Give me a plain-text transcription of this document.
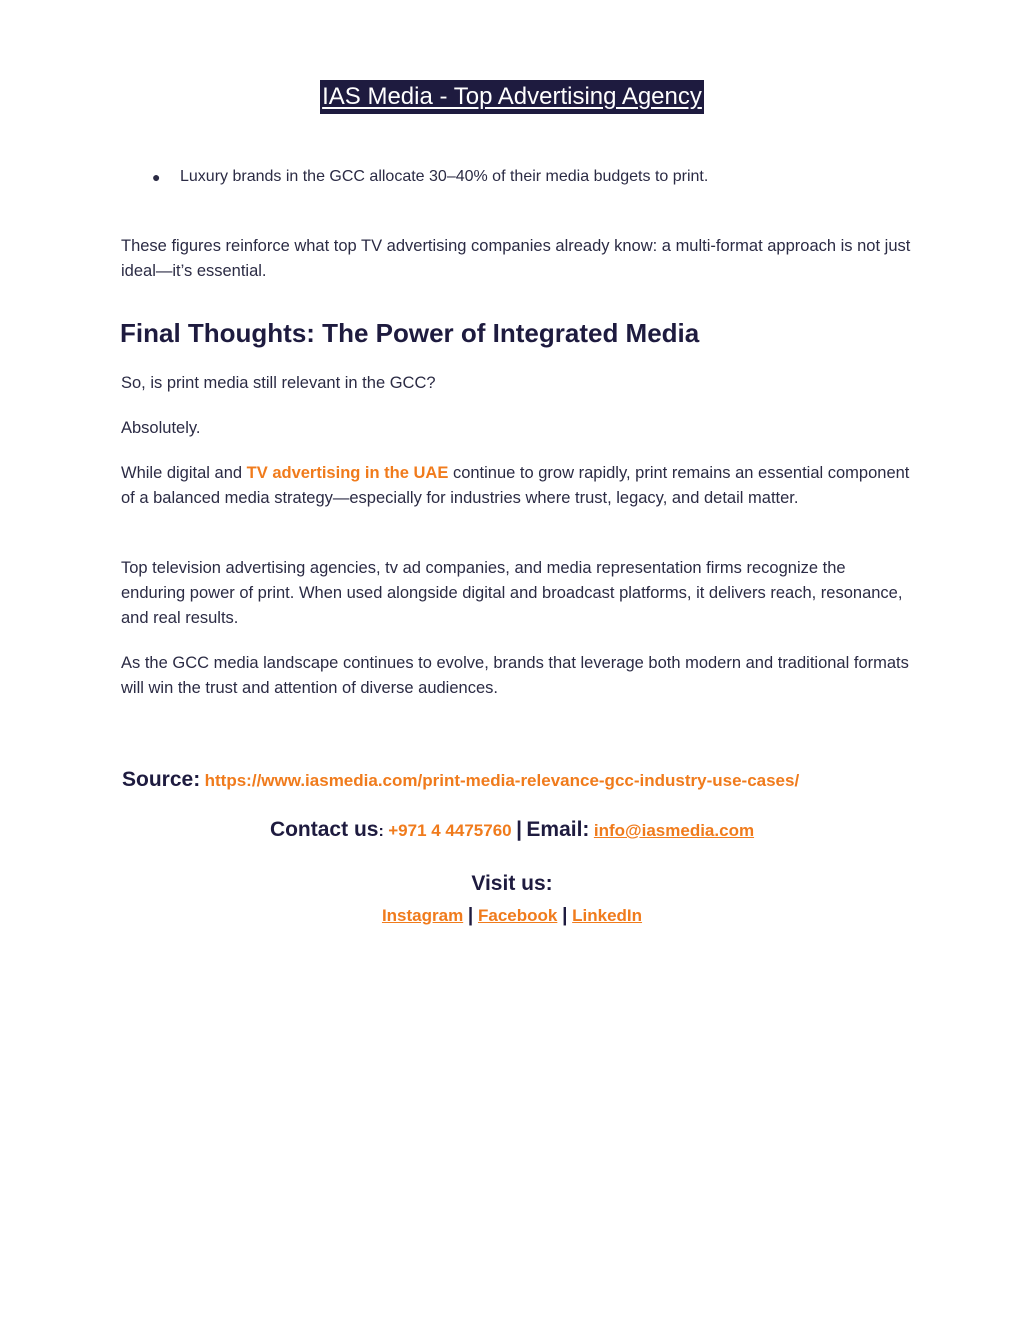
IAS Media - Top Advertising Agency
●	Luxury brands in the GCC allocate 30–40% of their media budgets to print.

These figures reinforce what top TV advertising companies already know: a multi-format approach is not just ideal—it’s essential.

Final Thoughts: The Power of Integrated Media

So, is print media still relevant in the GCC?

Absolutely.

While digital and TV advertising in the UAE continue to grow rapidly, print remains an essential component of a balanced media strategy—especially for industries where trust, legacy, and detail matter.

Top television advertising agencies, tv ad companies, and media representation firms recognize the enduring power of print. When used alongside digital and broadcast platforms, it delivers reach, resonance, and real results.

As the GCC media landscape continues to evolve, brands that leverage both modern and traditional formats will win the trust and attention of diverse audiences.

Source: https://www.iasmedia.com/print-media-relevance-gcc-industry-use-cases/

Contact us: +971 4 4475760 | Email: info@iasmedia.com

Visit us:

Instagram | Facebook | LinkedIn
